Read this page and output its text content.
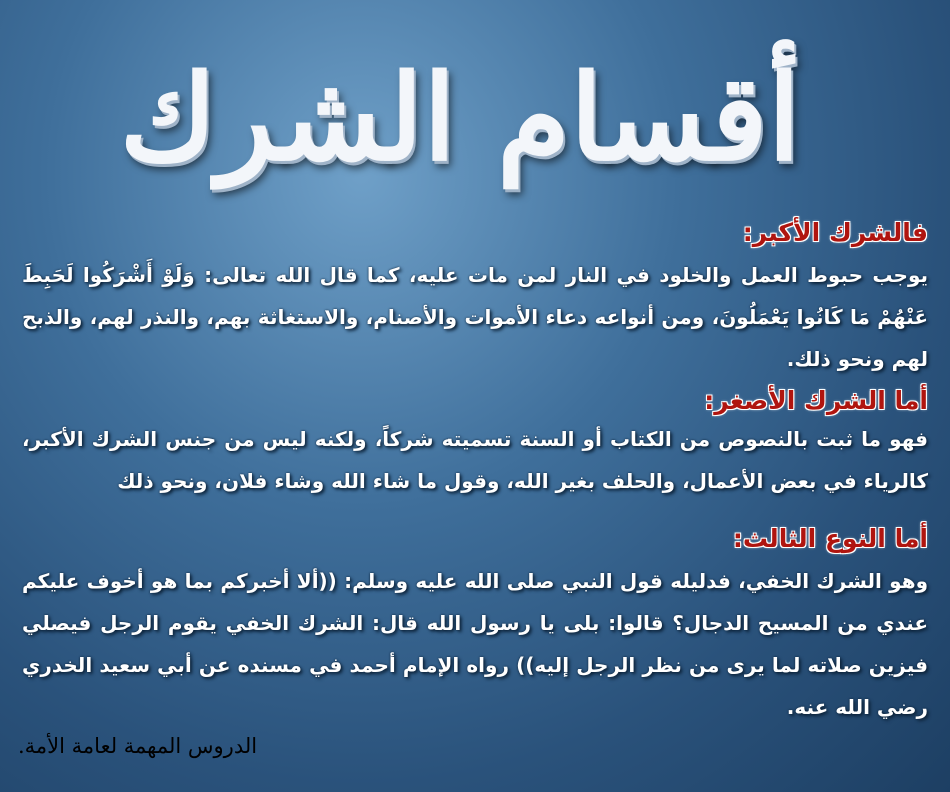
أقسام الشرك
فالشرك الأكبر:
يوجب حبوط العمل والخلود في النار لمن مات عليه، كما قال الله تعالى: وَلَوْ أَشْرَكُوا لَحَبِطَ عَنْهُمْ مَا كَانُوا يَعْمَلُونَ، ومن أنواعه دعاء الأموات والأصنام، والاستغاثة بهم، والنذر لهم، والذبح لهم ونحو ذلك.
أما الشرك الأصغر:
فهو ما ثبت بالنصوص من الكتاب أو السنة تسميته شركاً، ولكنه ليس من جنس الشرك الأكبر، كالرياء في بعض الأعمال، والحلف بغير الله، وقول ما شاء الله وشاء فلان، ونحو ذلك
أما النوع الثالث:
وهو الشرك الخفي، فدليله قول النبي صلى الله عليه وسلم: ((ألا أخبركم بما هو أخوف عليكم عندي من المسيح الدجال؟ قالوا: بلى يا رسول الله قال: الشرك الخفي يقوم الرجل فيصلي فيزين صلاته لما يرى من نظر الرجل إليه)) رواه الإمام أحمد في مسنده عن أبي سعيد الخدري رضي الله عنه.
الدروس المهمة لعامة الأمة.
